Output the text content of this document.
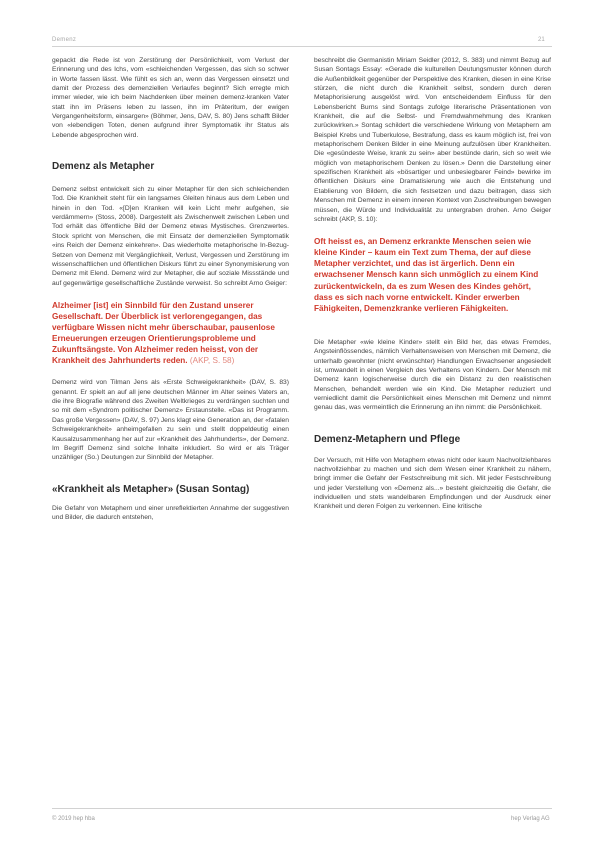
Demenz	21

gepackt die Rede ist von Zerstörung der Persönlichkeit, vom Verlust der Erinnerung und des Ichs, vom «schleichenden Vergessen, das sich so schwer in Worte fassen lässt. Wie fühlt es sich an, wenn das Vergessen einsetzt und damit der Prozess des demenziellen Verlaufes beginnt? Sich erregte mich immer wieder, wie ich beim Nachdenken über meinen demenz-kranken Vater statt ihn im Präsens leben zu lassen, ihn im Präteritum, der ewigen Vergangenheitsform, einsargen» (Böhmer, Jens, DAV, S. 80) Jens schafft Bilder von «lebendigen Toten, denen aufgrund ihrer Symptomatik ihr Status als Lebende abgesprochen wird.

Demenz als Metapher

Demenz selbst entwickelt sich zu einer Metapher für den sich schleichenden Tod. Die Krankheit steht für ein langsames Gleiten hinaus aus dem Leben und hinein in den Tod. «[D]en Kranken will kein Licht mehr aufgehen, sie verdämmern» (Stoss, 2008). Dargestellt als Zwischenwelt zwischen Leben und Tod erhält das öffentliche Bild der Demenz etwas Mystisches. Grenzwertes. Stock spricht von Menschen, die mit Einsatz der demenziellen Symptomatik «ins Reich der Demenz einkehren». Das wiederholte metaphorische In-Bezug-Setzen von Demenz mit Vergänglichkeit, Verlust, Vergessen und Zerstörung im wissenschaftlichen und öffentlichen Diskurs führt zu einer Synonymisierung von Demenz mit Elend. Demenz wird zur Metapher, die auf soziale Missstände und auf gegenwärtige gesellschaftliche Zustände verweist. So schreibt Arno Geiger:

Alzheimer [ist] ein Sinnbild für den Zustand unserer Gesellschaft. Der Überblick ist verlorengegangen, das verfügbare Wissen nicht mehr überschaubar, pausenlose Erneuerungen erzeugen Orientierungsprobleme und Zukunftsängste. Von Alzheimer reden heisst, von der Krankheit des Jahrhunderts reden. (AKP, S. 58)

Demenz wird von Tilman Jens als «Erste Schweigekrankheit» (DAV, S. 83) genannt. Er spielt an auf all jene deutschen Männer im Alter seines Vaters an, die ihre Biografie während des Zweiten Weltkrieges zu verdrängen suchten und so mit dem «Syndrom politischer Demenz» Erstaunstelle. «Das ist Programm. Das große Vergessen» (DAV, S. 97) Jens klagt eine Generation an, der «fatalen Schweigekrankheit» anheimgefallen zu sein und stellt doppeldeutig einen Kausalzusammenhang her auf zur «Krankheit des Jahrhunderts», der Demenz. Im Begriff Demenz sind solche Inhalte inkludiert. So wird er als Träger unzähliger (So.) Deutungen zur Sinnbild der Metapher.

«Krankheit als Metapher» (Susan Sontag)

Die Gefahr von Metaphern und einer unreflektierten Annahme der suggestiven und Bilder, die dadurch entstehen,

beschreibt die Germanistin Miriam Seidler (2012, S. 383) und nimmt Bezug auf Susan Sontags Essay: «Gerade die kulturellen Deutungsmuster können durch die Außenbildkeit gegenüber der Perspektive des Kranken, diesen in eine Krise stürzen, die nicht durch die Krankheit selbst, sondern durch deren Metaphorisierung ausgelöst wird. Von entscheidendem Einfluss für den Lebensbericht Burns sind Sontags zufolge literarische Präsentationen von Krankheit, die auf die Selbst- und Fremdwahrnehmung des Kranken zurückwirken.» Sontag schildert die verschiedene Wirkung von Metaphern am Beispiel Krebs und Tuberkulose, Bestrafung, dass es kaum möglich ist, frei von metaphorischem Denken Bilder in eine Meinung aufzulösen über Krankheiten. Die «gesündeste Weise, krank zu sein» aber bestünde darin, sich so weit wie möglich von metaphorischem Denken zu lösen.» Denn die Darstellung einer spezifischen Krankheit als «bösartiger und unbesiegbarer Feind» bewirke im öffentlichen Diskurs eine Dramatisierung wie auch die Entstehung und Etablierung von Bildern, die sich festsetzen und dazu beitragen, dass sich Menschen mit Demenz in einem inneren Kontext von Zuschreibungen bewegen müssen, die Würde und Individualität zu untergraben drohen. Arno Geiger schreibt (AKP, S. 10):

Oft heisst es, an Demenz erkrankte Menschen seien wie kleine Kinder – kaum ein Text zum Thema, der auf diese Metapher verzichtet, und das ist ärgerlich. Denn ein erwachsener Mensch kann sich unmöglich zu einem Kind zurückentwickeln, da es zum Wesen des Kindes gehört, dass es sich nach vorne entwickelt. Kinder erwerben Fähigkeiten, Demenzkranke verlieren Fähigkeiten.

Die Metapher «wie kleine Kinder» stellt ein Bild her, das etwas Fremdes, Angsteinflössendes, nämlich Verhaltensweisen von Menschen mit Demenz, die unterhalb gewohnter (nicht erwünschter) Handlungen Erwachsener angesiedelt ist, umwandelt in einen Vergleich des Verhaltens von Kindern. Der Mensch mit Demenz kann logischerweise durch die ein Distanz zu den realistischen Menschen, behandelt werden wie ein Kind. Die Metapher reduziert und verniedlicht damit die Persönlichkeit eines Menschen mit Demenz und nimmt genau das, was vermeintlich die Erinnerung an ihn nimmt: die Persönlichkeit.

Demenz-Metaphern und Pflege

Der Versuch, mit Hilfe von Metaphern etwas nicht oder kaum Nachvollziehbares nachvollziehbar zu machen und sich dem Wesen einer Krankheit zu nähern, bringt immer die Gefahr der Festschreibung mit sich. Mit jeder Festschreibung und jeder Verstellung von «Demenz als...» besteht gleichzeitig die Gefahr, die individuellen und stets wandelbaren Empfindungen und der Ausdruck einer Krankheit und deren Folgen zu verkennen. Eine kritische

© 2019 hep hba	hep Verlag AG
